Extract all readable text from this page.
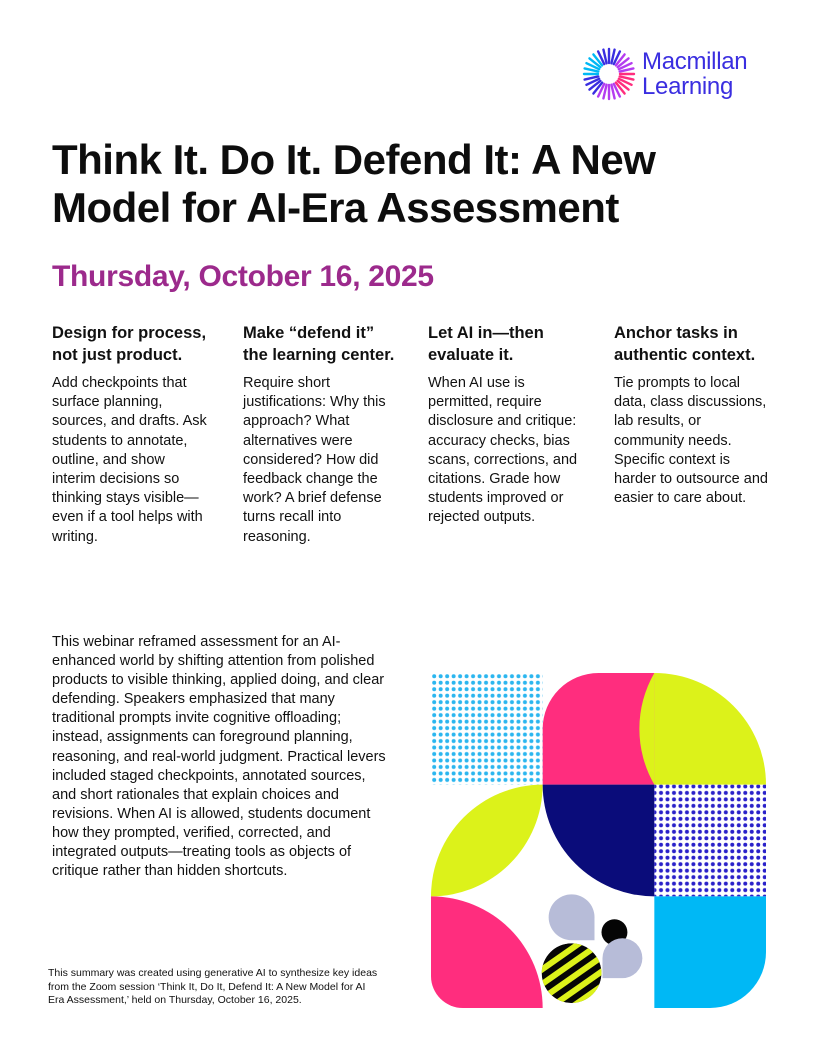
Macmillan
Learning
Think It. Do It. Defend It: A New Model for AI-Era Assessment
Thursday, October 16, 2025
Design for process, not just product.

Add checkpoints that surface planning, sources, and drafts. Ask students to annotate, outline, and show interim decisions so thinking stays visible—even if a tool helps with writing.

Make “defend it” the learning center.

Require short justifications: Why this approach? What alternatives were considered? How did feedback change the work? A brief defense turns recall into reasoning.

Let AI in—then evaluate it.

When AI use is permitted, require disclosure and critique: accuracy checks, bias scans, corrections, and citations. Grade how students improved or rejected outputs.

Anchor tasks in authentic context.

Tie prompts to local data, class discussions, lab results, or community needs. Specific context is harder to outsource and easier to care about.

This webinar reframed assessment for an AI-enhanced world by shifting attention from polished products to visible thinking, applied doing, and clear defending. Speakers emphasized that many traditional prompts invite cognitive offloading; instead, assignments can foreground planning, reasoning, and real-world judgment. Practical levers included staged checkpoints, annotated sources, and short rationales that explain choices and revisions. When AI is allowed, students document how they prompted, verified, corrected, and integrated outputs—treating tools as objects of critique rather than hidden shortcuts.

This summary was created using generative AI to synthesize key ideas from the Zoom session ‘Think It, Do It, Defend It: A New Model for AI Era Assessment,’ held on Thursday, October 16, 2025.
